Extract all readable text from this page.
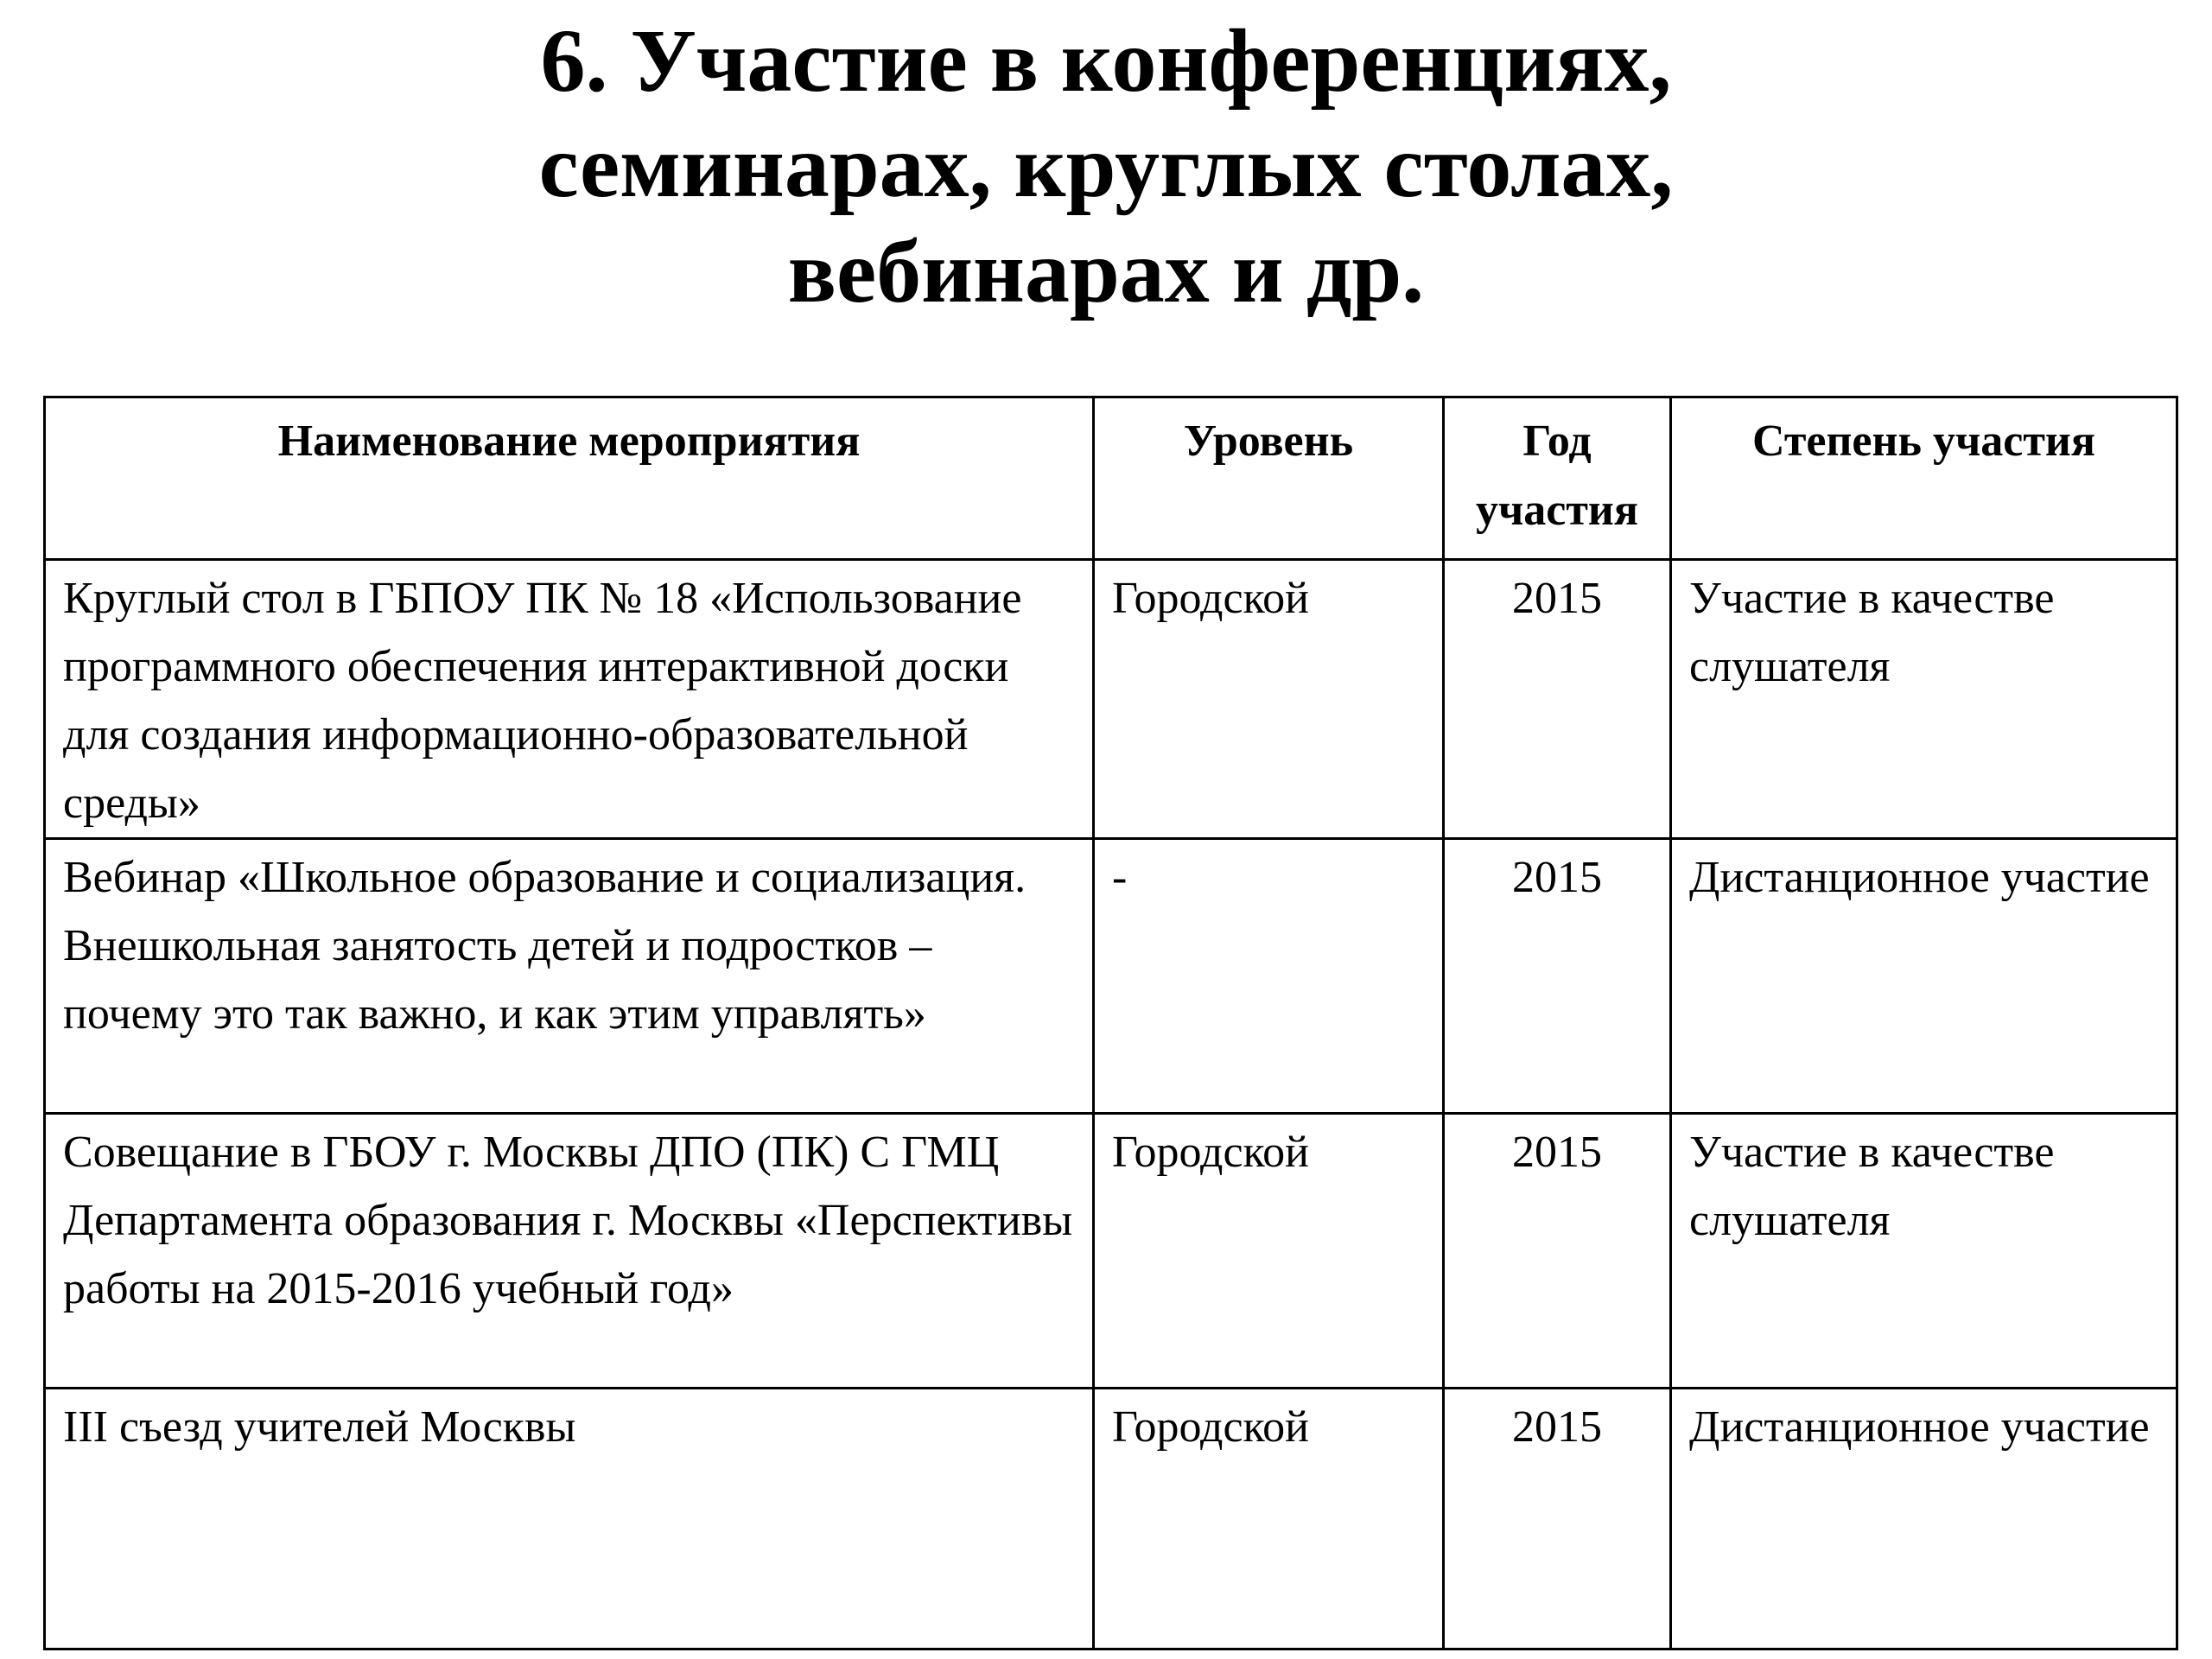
6. Участие в конференциях,
семинарах, круглых столах,
вебинарах и др.
Наименование мероприятия	Уровень	Год участия	Степень участия
Круглый стол в ГБПОУ ПК № 18 «Использование программного обеспечения интерактивной доски для создания информационно-образовательной среды»	Городской	2015	Участие в качестве слушателя
Вебинар «Школьное образование и социализация. Внешкольная занятость детей и подростков – почему это так важно, и как этим управлять»	-	2015	Дистанционное участие
Совещание в ГБОУ г. Москвы ДПО (ПК) С ГМЦ Департамента образования г. Москвы «Перспективы работы на 2015-2016 учебный год»	Городской	2015	Участие в качестве слушателя
III съезд учителей Москвы	Городской	2015	Дистанционное участие
